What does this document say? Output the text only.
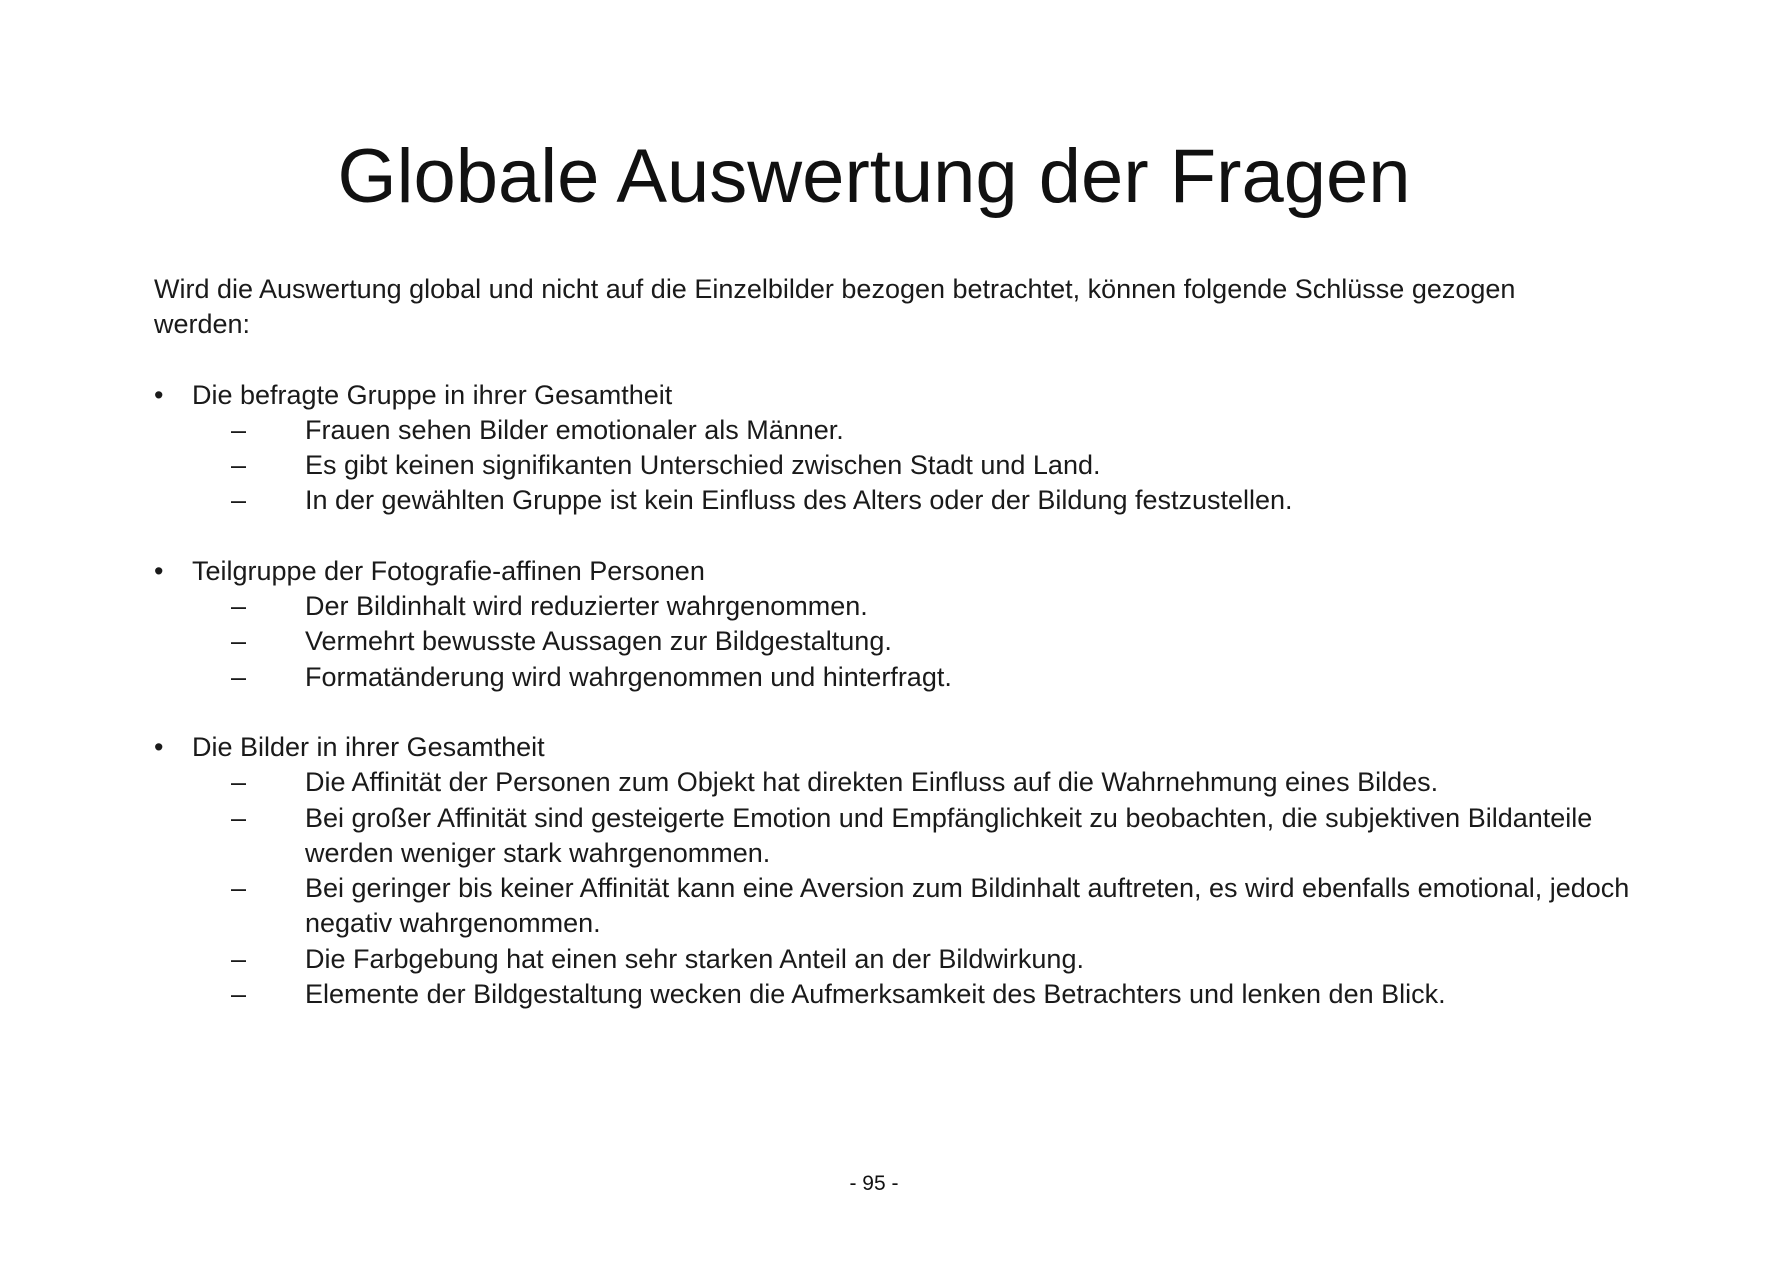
Globale Auswertung der Fragen

Wird die Auswertung global und nicht auf die Einzelbilder bezogen betrachtet, können folgende Schlüsse gezogen werden:

•	Die befragte Gruppe in ihrer Gesamtheit
– Frauen sehen Bilder emotionaler als Männer.
– Es gibt keinen signifikanten Unterschied zwischen Stadt und Land.
– In der gewählten Gruppe ist kein Einfluss des Alters oder der Bildung festzustellen.
•	Teilgruppe der Fotografie-affinen Personen
– Der Bildinhalt wird reduzierter wahrgenommen.
– Vermehrt bewusste Aussagen zur Bildgestaltung.
– Formatänderung wird wahrgenommen und hinterfragt.
•	Die Bilder in ihrer Gesamtheit
– Die Affinität der Personen zum Objekt hat direkten Einfluss auf die Wahrnehmung eines Bildes.
– Bei großer Affinität sind gesteigerte Emotion und Empfänglichkeit zu beobachten, die subjektiven Bildanteile werden weniger stark wahrgenommen.
– Bei geringer bis keiner Affinität kann eine Aversion zum Bildinhalt auftreten, es wird ebenfalls emotional, jedoch negativ wahrgenommen.
– Die Farbgebung hat einen sehr starken Anteil an der Bildwirkung.
– Elemente der Bildgestaltung wecken die Aufmerksamkeit des Betrachters und lenken den Blick.
- 95 -
